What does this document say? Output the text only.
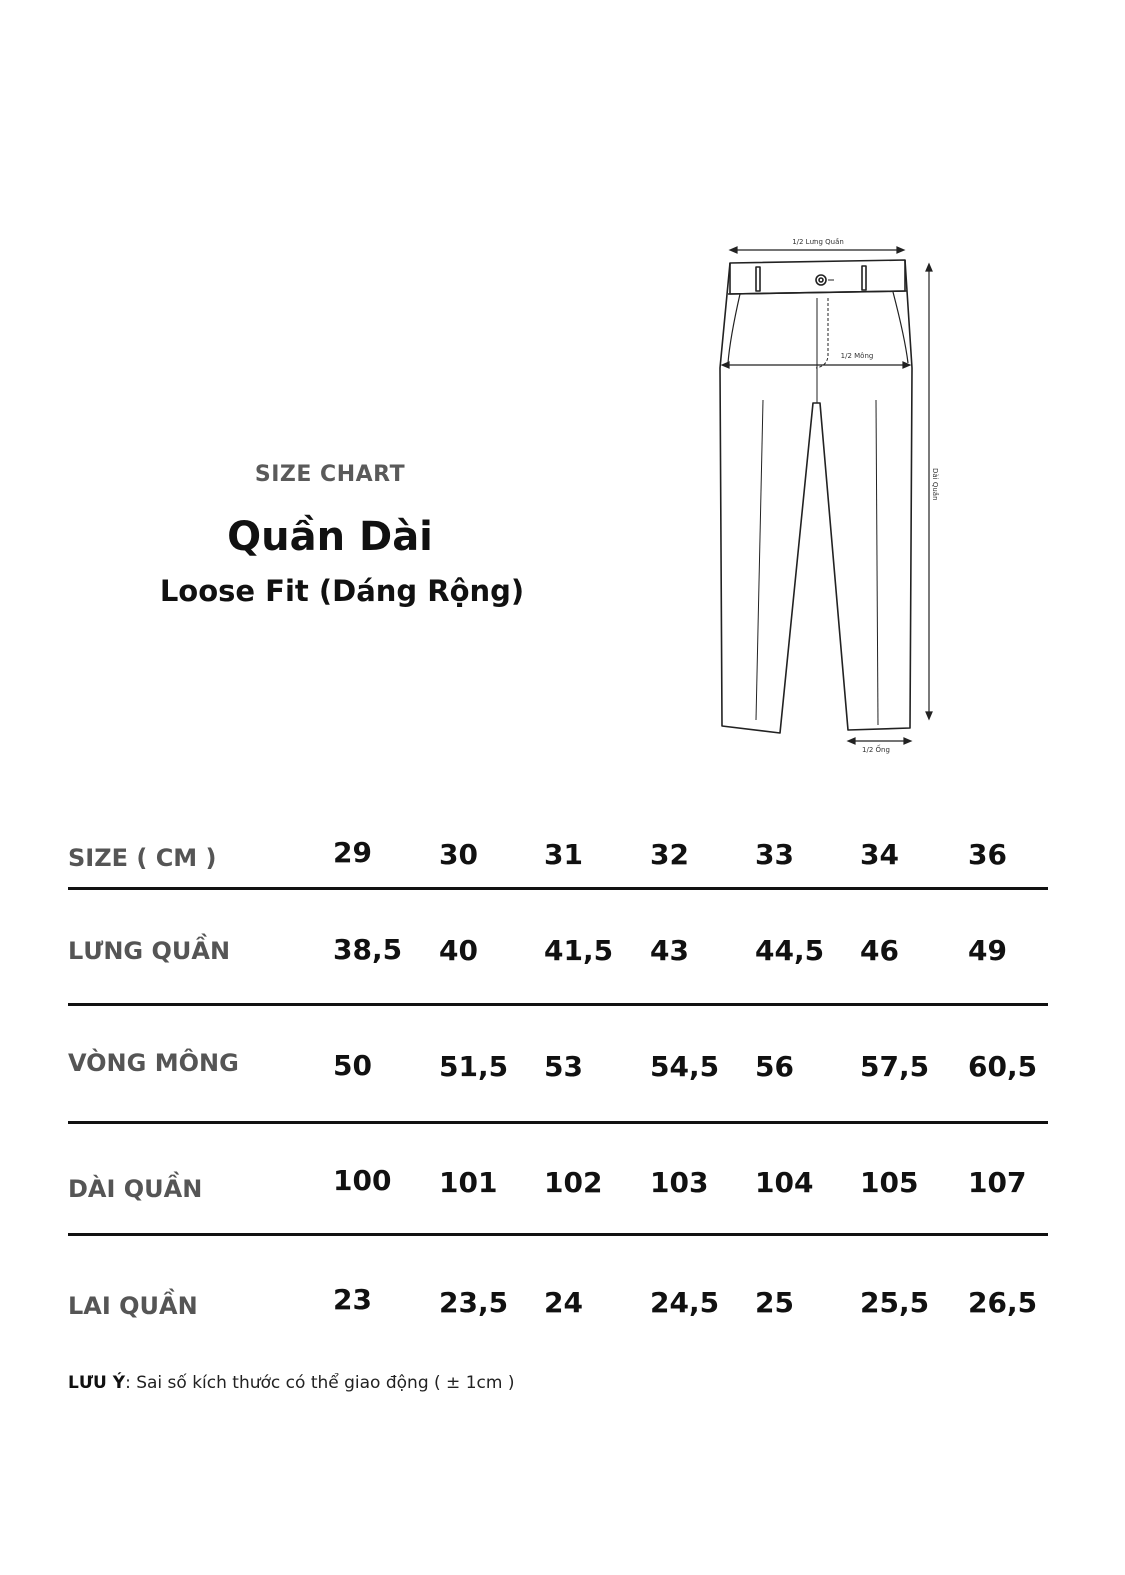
SIZE CHART
Quần Dài
Loose Fit (Dáng Rộng)
1/2 Lưng Quần
1/2 Mông
Dài Quần
1/2 Ống
SIZE ( CM )	29 30 31 32 33 34 36
LƯNG QUẦN	38,5 40 41,5 43 44,5 46 49
VÒNG MÔNG	50 51,5 53 54,5 56 57,5 60,5
DÀI QUẦN	100 101 102 103 104 105 107
LAI QUẦN	23 23,5 24 24,5 25 25,5 26,5
LƯU Ý: Sai số kích thước có thể giao động ( ± 1cm )
